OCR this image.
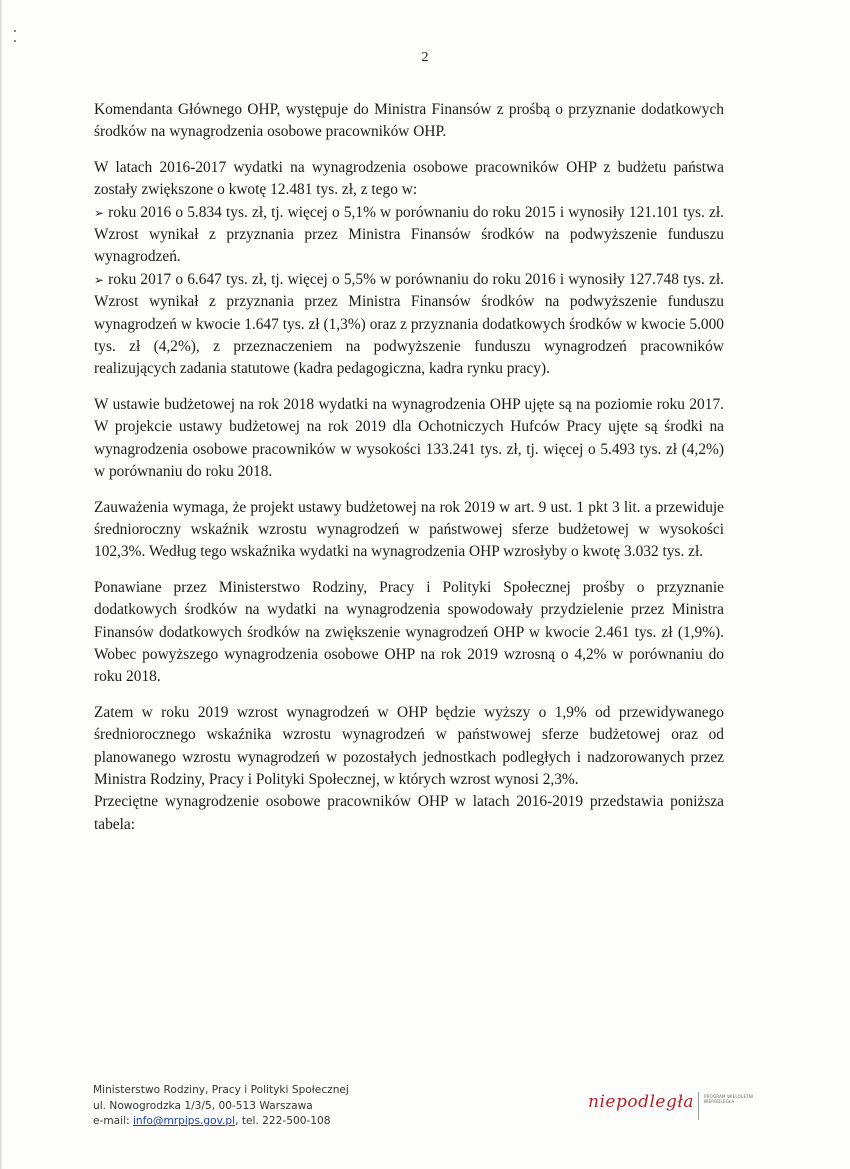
2

Komendanta Głównego OHP, występuje do Ministra Finansów z prośbą o przyznanie dodatkowych środków na wynagrodzenia osobowe pracowników OHP.

W latach 2016-2017 wydatki na wynagrodzenia osobowe pracowników OHP z budżetu państwa zostały zwiększone o kwotę 12.481 tys. zł, z tego w:

➢ roku 2016 o 5.834 tys. zł, tj. więcej o 5,1% w porównaniu do roku 2015 i wynosiły 121.101 tys. zł. Wzrost wynikał z przyznania przez Ministra Finansów środków na podwyższenie funduszu wynagrodzeń.
➢ roku 2017 o 6.647 tys. zł, tj. więcej o 5,5% w porównaniu do roku 2016 i wynosiły 127.748 tys. zł. Wzrost wynikał z przyznania przez Ministra Finansów środków na podwyższenie funduszu wynagrodzeń w kwocie 1.647 tys. zł (1,3%) oraz z przyznania dodatkowych środków w kwocie 5.000 tys. zł (4,2%), z przeznaczeniem na podwyższenie funduszu wynagrodzeń pracowników realizujących zadania statutowe (kadra pedagogiczna, kadra rynku pracy).

W ustawie budżetowej na rok 2018 wydatki na wynagrodzenia OHP ujęte są na poziomie roku 2017. W projekcie ustawy budżetowej na rok 2019 dla Ochotniczych Hufców Pracy ujęte są środki na wynagrodzenia osobowe pracowników w wysokości 133.241 tys. zł, tj. więcej o 5.493 tys. zł (4,2%) w porównaniu do roku 2018.

Zauważenia wymaga, że projekt ustawy budżetowej na rok 2019 w art. 9 ust. 1 pkt 3 lit. a przewiduje średnioroczny wskaźnik wzrostu wynagrodzeń w państwowej sferze budżetowej w wysokości 102,3%. Według tego wskaźnika wydatki na wynagrodzenia OHP wzrosłyby o kwotę 3.032 tys. zł.

Ponawiane przez Ministerstwo Rodziny, Pracy i Polityki Społecznej prośby o przyznanie dodatkowych środków na wydatki na wynagrodzenia spowodowały przydzielenie przez Ministra Finansów dodatkowych środków na zwiększenie wynagrodzeń OHP w kwocie 2.461 tys. zł (1,9%). Wobec powyższego wynagrodzenia osobowe OHP na rok 2019 wzrosną o 4,2% w porównaniu do roku 2018.

Zatem w roku 2019 wzrost wynagrodzeń w OHP będzie wyższy o 1,9% od przewidywanego średniorocznego wskaźnika wzrostu wynagrodzeń w państwowej sferze budżetowej oraz od planowanego wzrostu wynagrodzeń w pozostałych jednostkach podległych i nadzorowanych przez Ministra Rodziny, Pracy i Polityki Społecznej, w których wzrost wynosi 2,3%.

Przeciętne wynagrodzenie osobowe pracowników OHP w latach 2016-2019 przedstawia poniższa tabela:

Ministerstwo Rodziny, Pracy i Polityki Społecznej
ul. Nowogrodzka 1/3/5, 00-513 Warszawa
e-mail: info@mrpips.gov.pl, tel. 222-500-108
niepodległa	PROGRAM WIELOLETNI NIEPODLEGŁA
